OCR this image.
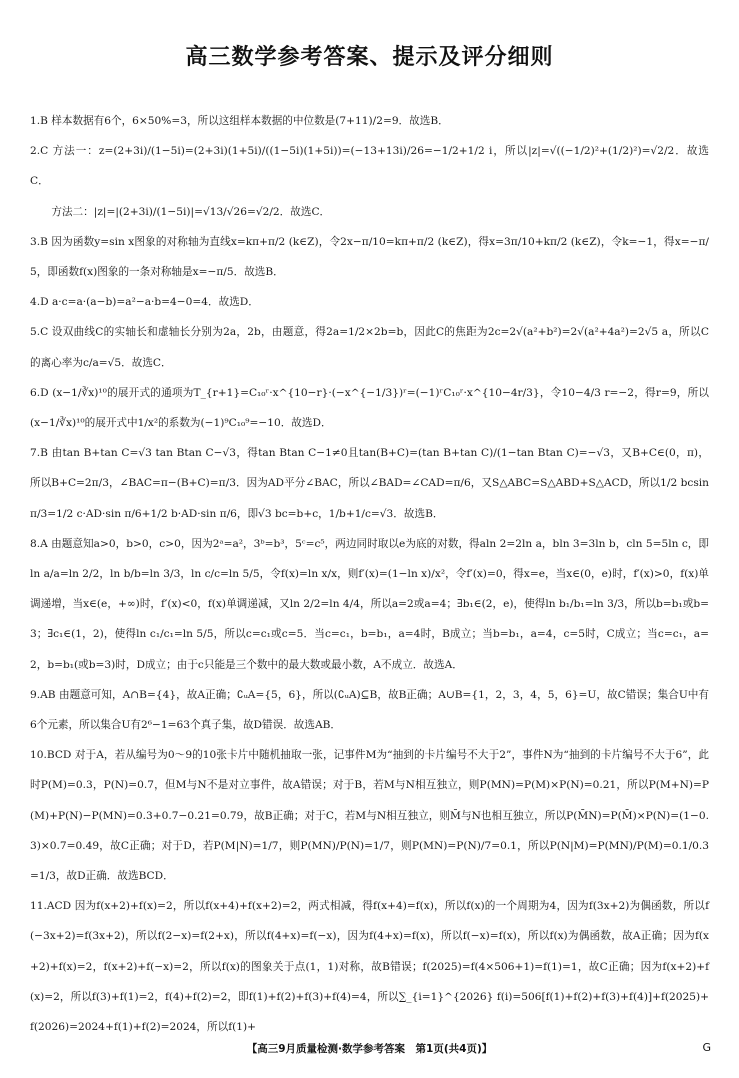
高三数学参考答案、提示及评分细则
1.B 样本数据有6个，6×50%=3，所以这组样本数据的中位数是(7+11)/2=9．故选B．
2.C 方法一：z=(2+3i)/(1−5i)=(2+3i)(1+5i)/((1−5i)(1+5i))=(−13+13i)/26=−1/2+1/2 i，所以|z|=√((−1/2)²+(1/2)²)=√2/2．故选C．
方法二：|z|=|(2+3i)/(1−5i)|=√13/√26=√2/2．故选C．
3.B 因为函数y=sin x图象的对称轴为直线x=kπ+π/2 (k∈Z)，令2x−π/10=kπ+π/2 (k∈Z)，得x=3π/10+kπ/2 (k∈Z)，令k=−1，得x=−π/5，即函数f(x)图象的一条对称轴是x=−π/5．故选B．
4.D a·c=a·(a−b)=a²−a·b=4−0=4．故选D．
5.C 设双曲线C的实轴长和虚轴长分别为2a，2b，由题意，得2a=1/2×2b=b，因此C的焦距为2c=2√(a²+b²)=2√(a²+4a²)=2√5 a，所以C的离心率为c/a=√5．故选C．
6.D (x−1/∛x)¹⁰的展开式的通项为T_{r+1}=C₁₀ʳ·x^{10−r}·(−x^{−1/3})ʳ=(−1)ʳC₁₀ʳ·x^{10−4r/3}，令10−4/3 r=−2，得r=9，所以(x−1/∛x)¹⁰的展开式中1/x²的系数为(−1)⁹C₁₀⁹=−10．故选D．
7.B 由tan B+tan C=√3 tan Btan C−√3，得tan Btan C−1≠0且tan(B+C)=(tan B+tan C)/(1−tan Btan C)=−√3，又B+C∈(0，π)，所以B+C=2π/3，∠BAC=π−(B+C)=π/3．因为AD平分∠BAC，所以∠BAD=∠CAD=π/6，又S△ABC=S△ABD+S△ACD，所以1/2 bcsin π/3=1/2 c·AD·sin π/6+1/2 b·AD·sin π/6，即√3 bc=b+c，1/b+1/c=√3．故选B．
8.A 由题意知a>0，b>0，c>0，因为2ᵃ=a²，3ᵇ=b³，5ᶜ=c⁵，两边同时取以e为底的对数，得aln 2=2ln a，bln 3=3ln b，cln 5=5ln c，即ln a/a=ln 2/2，ln b/b=ln 3/3，ln c/c=ln 5/5，令f(x)=ln x/x，则f′(x)=(1−ln x)/x²，令f′(x)=0，得x=e，当x∈(0，e)时，f′(x)>0，f(x)单调递增，当x∈(e，+∞)时，f′(x)<0，f(x)单调递减，又ln 2/2=ln 4/4，所以a=2或a=4；∃b₁∈(2，e)，使得ln b₁/b₁=ln 3/3，所以b=b₁或b=3；∃c₁∈(1，2)，使得ln c₁/c₁=ln 5/5，所以c=c₁或c=5．当c=c₁，b=b₁，a=4时，B成立；当b=b₁，a=4，c=5时，C成立；当c=c₁，a=2，b=b₁(或b=3)时，D成立；由于c只能是三个数中的最大数或最小数，A不成立．故选A．
9.AB 由题意可知，A∩B={4}，故A正确；∁ᵤA={5，6}，所以(∁ᵤA)⊆B，故B正确；A∪B={1，2，3，4，5，6}=U，故C错误；集合U中有6个元素，所以集合U有2⁶−1=63个真子集，故D错误．故选AB．
10.BCD 对于A，若从编号为0～9的10张卡片中随机抽取一张，记事件M为“抽到的卡片编号不大于2”，事件N为“抽到的卡片编号不大于6”，此时P(M)=0.3，P(N)=0.7，但M与N不是对立事件，故A错误；对于B，若M与N相互独立，则P(MN)=P(M)×P(N)=0.21，所以P(M+N)=P(M)+P(N)−P(MN)=0.3+0.7−0.21=0.79，故B正确；对于C，若M与N相互独立，则M̄与N也相互独立，所以P(M̄N)=P(M̄)×P(N)=(1−0.3)×0.7=0.49，故C正确；对于D，若P(M|N)=1/7，则P(MN)/P(N)=1/7，则P(MN)=P(N)/7=0.1，所以P(N|M)=P(MN)/P(M)=0.1/0.3=1/3，故D正确．故选BCD．
11.ACD 因为f(x+2)+f(x)=2，所以f(x+4)+f(x+2)=2，两式相减，得f(x+4)=f(x)，所以f(x)的一个周期为4，因为f(3x+2)为偶函数，所以f(−3x+2)=f(3x+2)，所以f(2−x)=f(2+x)，所以f(4+x)=f(−x)，因为f(4+x)=f(x)，所以f(−x)=f(x)，所以f(x)为偶函数，故A正确；因为f(x+2)+f(x)=2，f(x+2)+f(−x)=2，所以f(x)的图象关于点(1，1)对称，故B错误；f(2025)=f(4×506+1)=f(1)=1，故C正确；因为f(x+2)+f(x)=2，所以f(3)+f(1)=2，f(4)+f(2)=2，即f(1)+f(2)+f(3)+f(4)=4，所以∑_{i=1}^{2026} f(i)=506[f(1)+f(2)+f(3)+f(4)]+f(2025)+f(2026)=2024+f(1)+f(2)=2024，所以f(1)+
【高三9月质量检测·数学参考答案　第1页(共4页)】	G
